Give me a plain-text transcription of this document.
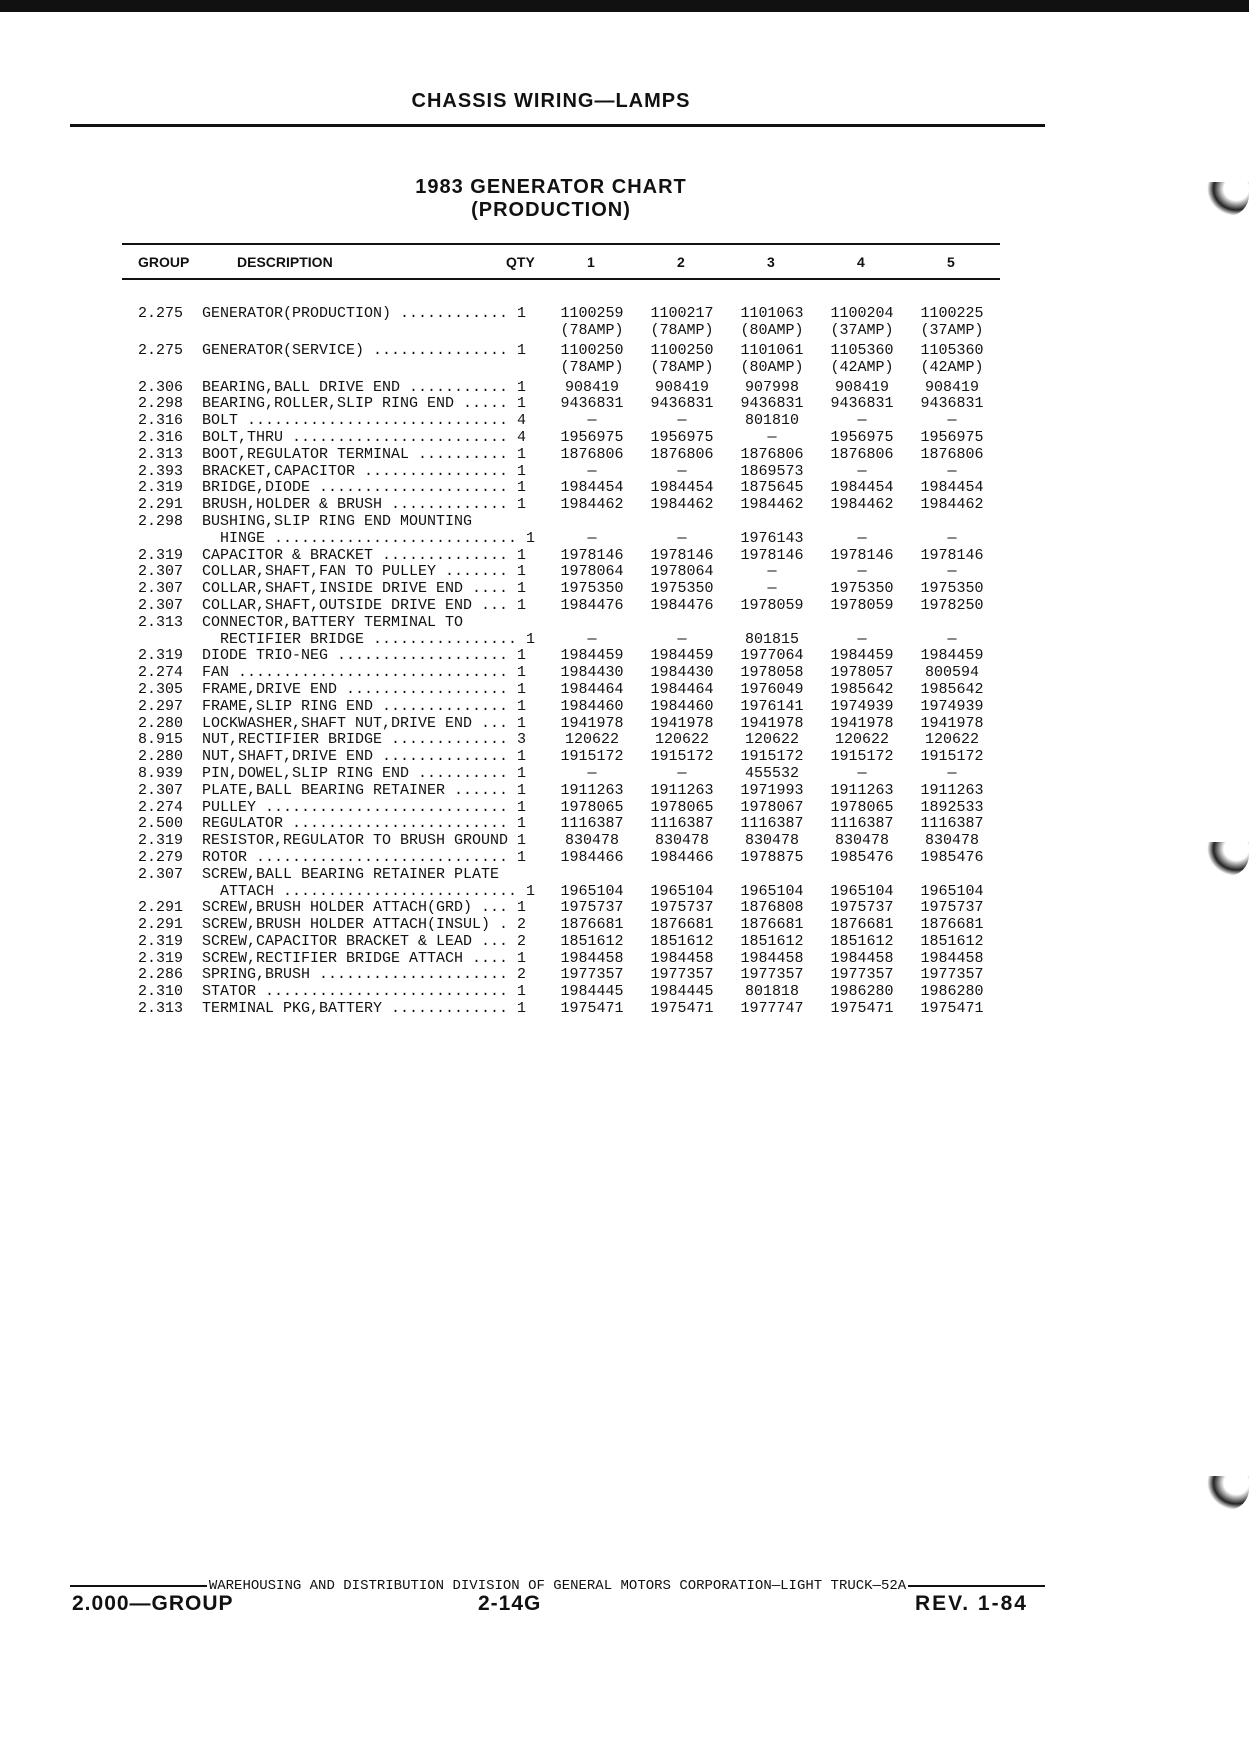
CHASSIS WIRING—LAMPS
1983 GENERATOR CHART
(PRODUCTION)
GROUP	DESCRIPTION	QTY	1	2	3	4	5
2.275 GENERATOR(PRODUCTION) ............ 1	1100259	1100217	1101063	1100204	1100225
(78AMP)	(78AMP)	(80AMP)	(37AMP)	(37AMP)
2.275 GENERATOR(SERVICE) ............... 1	1100250	1100250	1101061	1105360	1105360
(78AMP)	(78AMP)	(80AMP)	(42AMP)	(42AMP)
2.306 BEARING,BALL DRIVE END ........... 1	908419	908419	907998	908419	908419
2.298 BEARING,ROLLER,SLIP RING END ..... 1	9436831	9436831	9436831	9436831	9436831
2.316 BOLT ............................. 4	—	—	801810	—	—
2.316 BOLT,THRU ........................ 4	1956975	1956975	—	1956975	1956975
2.313 BOOT,REGULATOR TERMINAL .......... 1	1876806	1876806	1876806	1876806	1876806
2.393 BRACKET,CAPACITOR ................ 1	—	—	1869573	—	—
2.319 BRIDGE,DIODE ..................... 1	1984454	1984454	1875645	1984454	1984454
2.291 BRUSH,HOLDER & BRUSH ............. 1	1984462	1984462	1984462	1984462	1984462
2.298 BUSHING,SLIP RING END MOUNTING
HINGE ........................... 1	—	—	1976143	—	—
2.319 CAPACITOR & BRACKET .............. 1	1978146	1978146	1978146	1978146	1978146
2.307 COLLAR,SHAFT,FAN TO PULLEY ....... 1	1978064	1978064	—	—	—
2.307 COLLAR,SHAFT,INSIDE DRIVE END .... 1	1975350	1975350	—	1975350	1975350
2.307 COLLAR,SHAFT,OUTSIDE DRIVE END ... 1	1984476	1984476	1978059	1978059	1978250
2.313 CONNECTOR,BATTERY TERMINAL TO
RECTIFIER BRIDGE ................ 1	—	—	801815	—	—
2.319 DIODE TRIO-NEG ................... 1	1984459	1984459	1977064	1984459	1984459
2.274 FAN .............................. 1	1984430	1984430	1978058	1978057	800594
2.305 FRAME,DRIVE END .................. 1	1984464	1984464	1976049	1985642	1985642
2.297 FRAME,SLIP RING END .............. 1	1984460	1984460	1976141	1974939	1974939
2.280 LOCKWASHER,SHAFT NUT,DRIVE END ... 1	1941978	1941978	1941978	1941978	1941978
8.915 NUT,RECTIFIER BRIDGE ............. 3	120622	120622	120622	120622	120622
2.280 NUT,SHAFT,DRIVE END .............. 1	1915172	1915172	1915172	1915172	1915172
8.939 PIN,DOWEL,SLIP RING END .......... 1	—	—	455532	—	—
2.307 PLATE,BALL BEARING RETAINER ...... 1	1911263	1911263	1971993	1911263	1911263
2.274 PULLEY ........................... 1	1978065	1978065	1978067	1978065	1892533
2.500 REGULATOR ........................ 1	1116387	1116387	1116387	1116387	1116387
2.319 RESISTOR,REGULATOR TO BRUSH GROUND 1	830478	830478	830478	830478	830478
2.279 ROTOR ............................ 1	1984466	1984466	1978875	1985476	1985476
2.307 SCREW,BALL BEARING RETAINER PLATE
ATTACH .......................... 1	1965104	1965104	1965104	1965104	1965104
2.291 SCREW,BRUSH HOLDER ATTACH(GRD) ... 1	1975737	1975737	1876808	1975737	1975737
2.291 SCREW,BRUSH HOLDER ATTACH(INSUL) . 2	1876681	1876681	1876681	1876681	1876681
2.319 SCREW,CAPACITOR BRACKET & LEAD ... 2	1851612	1851612	1851612	1851612	1851612
2.319 SCREW,RECTIFIER BRIDGE ATTACH .... 1	1984458	1984458	1984458	1984458	1984458
2.286 SPRING,BRUSH ..................... 2	1977357	1977357	1977357	1977357	1977357
2.310 STATOR ........................... 1	1984445	1984445	801818	1986280	1986280
2.313 TERMINAL PKG,BATTERY ............. 1	1975471	1975471	1977747	1975471	1975471
WAREHOUSING AND DISTRIBUTION DIVISION OF GENERAL MOTORS CORPORATION—LIGHT TRUCK—52A
2.000—GROUP	2-14G	REV. 1-84
